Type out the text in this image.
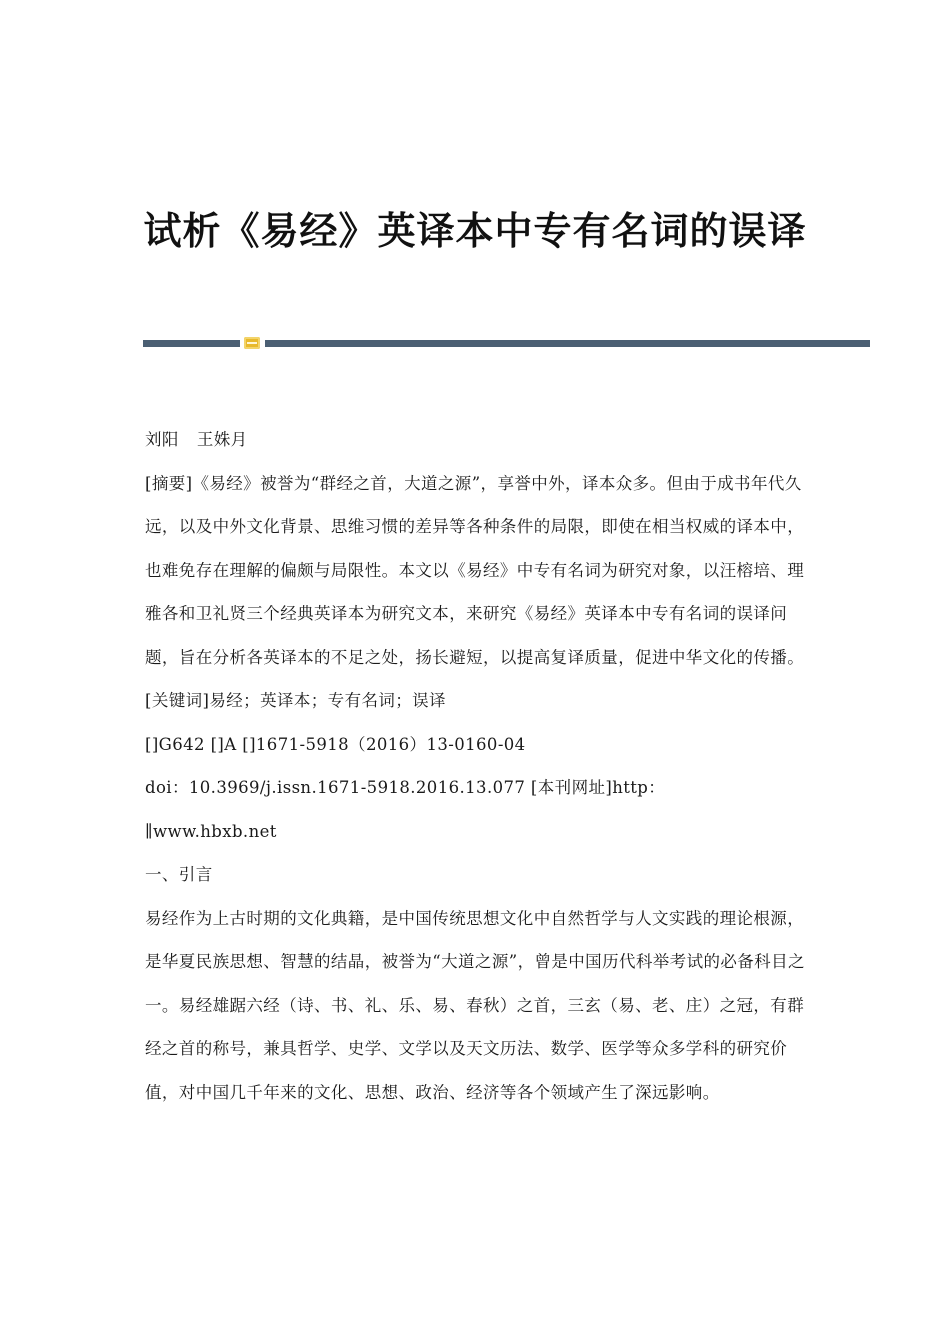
试析《易经》英译本中专有名词的误译

刘阳 王姝月

[摘要]《易经》被誉为“群经之首，大道之源”，享誉中外，译本众多。但由于成书年代久远，以及中外文化背景、思维习惯的差异等各种条件的局限，即使在相当权威的译本中，也难免存在理解的偏颇与局限性。本文以《易经》中专有名词为研究对象，以汪榕培、理雅各和卫礼贤三个经典英译本为研究文本，来研究《易经》英译本中专有名词的误译问题，旨在分析各英译本的不足之处，扬长避短，以提高复译质量，促进中华文化的传播。

[关键词]易经；英译本；专有名词；误译

[]G642 []A []1671-5918（2016）13-0160-04

doi：10.3969/j.issn.1671-5918.2016.13.077 [本刊网址]http：

∥www.hbxb.net

一、引言

易经作为上古时期的文化典籍，是中国传统思想文化中自然哲学与人文实践的理论根源，是华夏民族思想、智慧的结晶，被誉为“大道之源”，曾是中国历代科举考试的必备科目之一。易经雄踞六经（诗、书、礼、乐、易、春秋）之首，三玄（易、老、庄）之冠，有群经之首的称号，兼具哲学、史学、文学以及天文历法、数学、医学等众多学科的研究价值，对中国几千年来的文化、思想、政治、经济等各个领域产生了深远影响。
